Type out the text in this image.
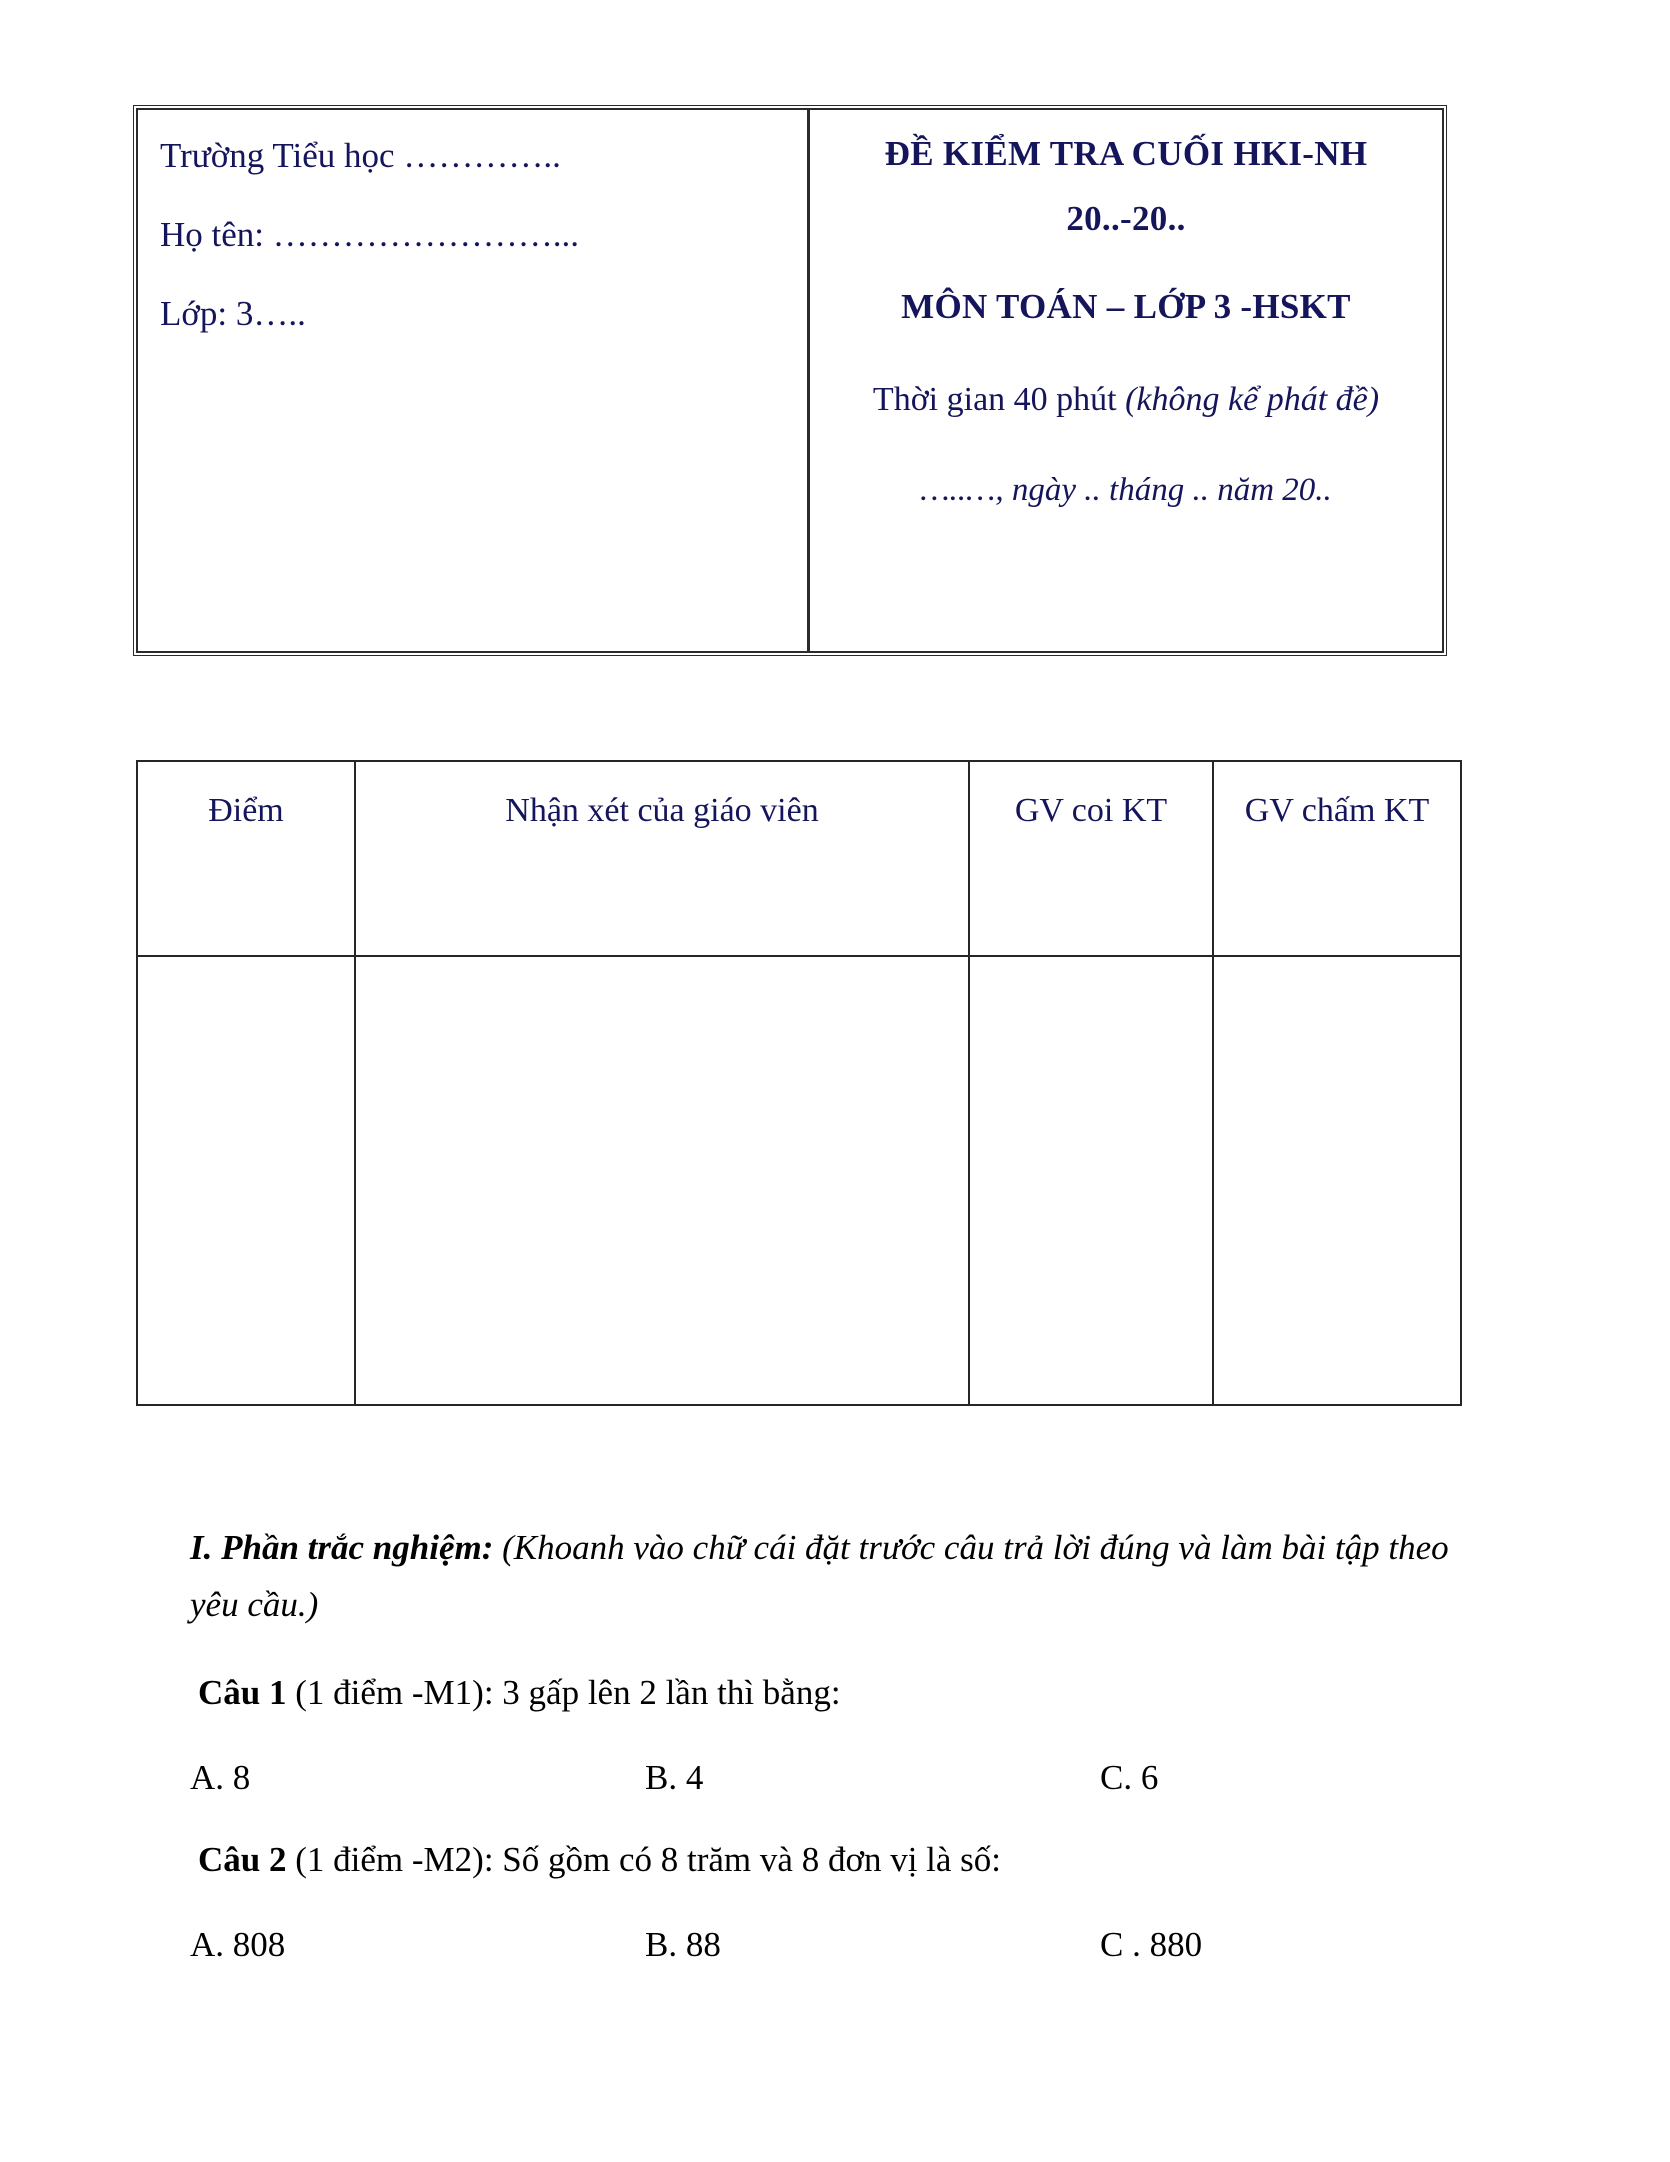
Trường Tiểu học …………..
Họ tên: ……………………...
Lớp: 3…..
ĐỀ KIỂM TRA CUỐI HKI-NH
20..-20..
MÔN TOÁN – LỚP 3 -HSKT
Thời gian 40 phút (không kể phát đề)
…..…, ngày .. tháng .. năm 20..
Điểm	Nhận xét của giáo viên	GV coi KT	GV chấm KT

I. Phần trắc nghiệm: (Khoanh vào chữ cái đặt trước câu trả lời đúng và làm bài tập theo yêu cầu.)

Câu 1 (1 điểm -M1): 3 gấp lên 2 lần thì bằng:

A. 8	B. 4	C. 6

Câu 2 (1 điểm -M2): Số gồm có 8 trăm và 8 đơn vị là số:

A. 808	B. 88	C . 880
